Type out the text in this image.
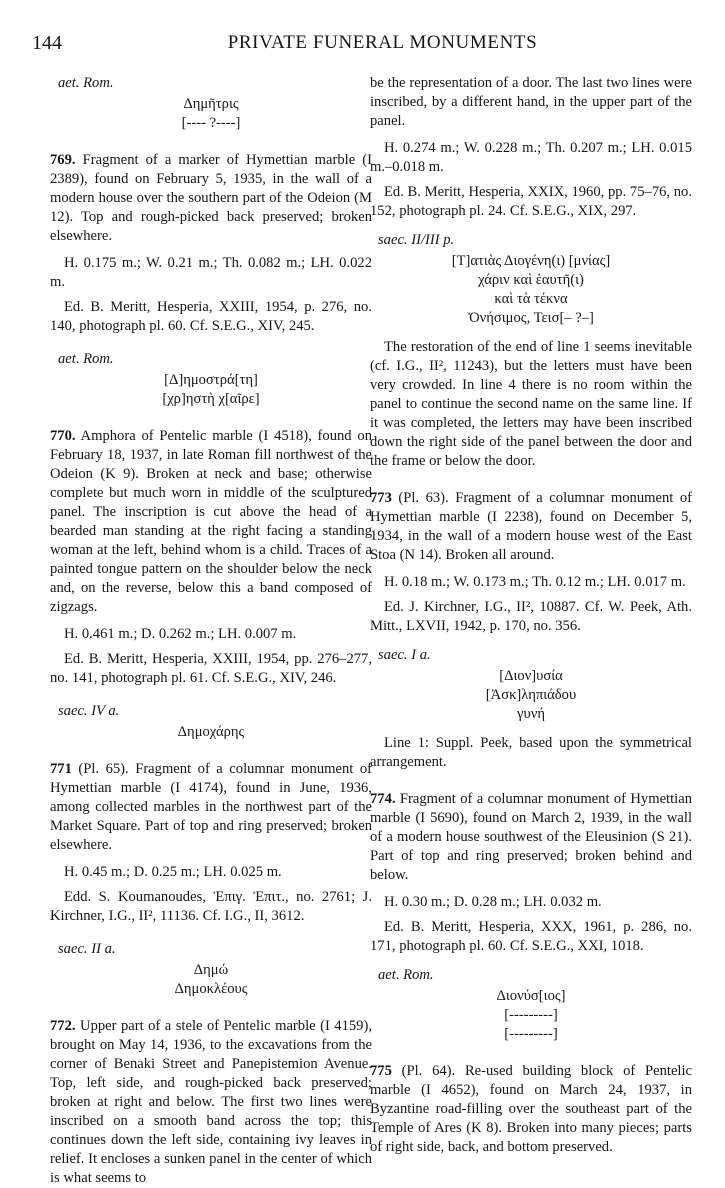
144	PRIVATE FUNERAL MONUMENTS

aet. Rom.

Δημῆτρις

[---- ?----]

769. Fragment of a marker of Hymettian marble (I 2389), found on February 5, 1935, in the wall of a modern house over the southern part of the Odeion (M 12). Top and rough-picked back preserved; broken elsewhere.

H. 0.175 m.; W. 0.21 m.; Th. 0.082 m.; LH. 0.022 m.

Ed. B. Meritt, Hesperia, XXIII, 1954, p. 276, no. 140, photograph pl. 60. Cf. S.E.G., XIV, 245.

aet. Rom.

[Δ]ημοστρά[τη]

[χρ]ηστὴ χ[αῖρε]

770. Amphora of Pentelic marble (I 4518), found on February 18, 1937, in late Roman fill northwest of the Odeion (K 9). Broken at neck and base; otherwise complete but much worn in middle of the sculptured panel. The inscription is cut above the head of a bearded man standing at the right facing a standing woman at the left, behind whom is a child. Traces of a painted tongue pattern on the shoulder below the neck and, on the reverse, below this a band composed of zigzags.

H. 0.461 m.; D. 0.262 m.; LH. 0.007 m.

Ed. B. Meritt, Hesperia, XXIII, 1954, pp. 276–277, no. 141, photograph pl. 61. Cf. S.E.G., XIV, 246.

saec. IV a.

Δημοχάρης

771 (Pl. 65). Fragment of a columnar monument of Hymettian marble (I 4174), found in June, 1936, among collected marbles in the northwest part of the Market Square. Part of top and ring preserved; broken elsewhere.

H. 0.45 m.; D. 0.25 m.; LH. 0.025 m.

Edd. S. Koumanoudes, Ἐπιγ. Ἐπιτ., no. 2761; J. Kirchner, I.G., II², 11136. Cf. I.G., II, 3612.

saec. II a.

Δημώ

Δημοκλέους

772. Upper part of a stele of Pentelic marble (I 4159), brought on May 14, 1936, to the excavations from the corner of Benaki Street and Panepistemion Avenue. Top, left side, and rough-picked back preserved; broken at right and below. The first two lines were inscribed on a smooth band across the top; this continues down the left side, containing ivy leaves in relief. It encloses a sunken panel in the center of which is what seems to

be the representation of a door. The last two lines were inscribed, by a different hand, in the upper part of the panel.

H. 0.274 m.; W. 0.228 m.; Th. 0.207 m.; LH. 0.015 m.–0.018 m.

Ed. B. Meritt, Hesperia, XXIX, 1960, pp. 75–76, no. 152, photograph pl. 24. Cf. S.E.G., XIX, 297.

saec. II/III p.

[Τ]ατιὰς Διογένη(ι) [μνίας]

χάριν καὶ ἑαυτῆ(ι)

καὶ τὰ τέκνα

Ὀνήσιμος, Τεισ[– ?–]

The restoration of the end of line 1 seems inevitable (cf. I.G., II², 11243), but the letters must have been very crowded. In line 4 there is no room within the panel to continue the second name on the same line. If it was completed, the letters may have been inscribed down the right side of the panel between the door and the frame or below the door.

773 (Pl. 63). Fragment of a columnar monument of Hymettian marble (I 2238), found on December 5, 1934, in the wall of a modern house west of the East Stoa (N 14). Broken all around.

H. 0.18 m.; W. 0.173 m.; Th. 0.12 m.; LH. 0.017 m.

Ed. J. Kirchner, I.G., II², 10887. Cf. W. Peek, Ath. Mitt., LXVII, 1942, p. 170, no. 356.

saec. I a.

[Διον]υσία

[Ἀσκ]ληπιάδου

γυνή

Line 1: Suppl. Peek, based upon the symmetrical arrangement.

774. Fragment of a columnar monument of Hymettian marble (I 5690), found on March 2, 1939, in the wall of a modern house southwest of the Eleusinion (S 21). Part of top and ring preserved; broken behind and below.

H. 0.30 m.; D. 0.28 m.; LH. 0.032 m.

Ed. B. Meritt, Hesperia, XXX, 1961, p. 286, no. 171, photograph pl. 60. Cf. S.E.G., XXI, 1018.

aet. Rom.

Διονύσ[ιος]

[---------]

[---------]

775 (Pl. 64). Re-used building block of Pentelic marble (I 4652), found on March 24, 1937, in Byzantine road-filling over the southeast part of the Temple of Ares (K 8). Broken into many pieces; parts of right side, back, and bottom preserved.
